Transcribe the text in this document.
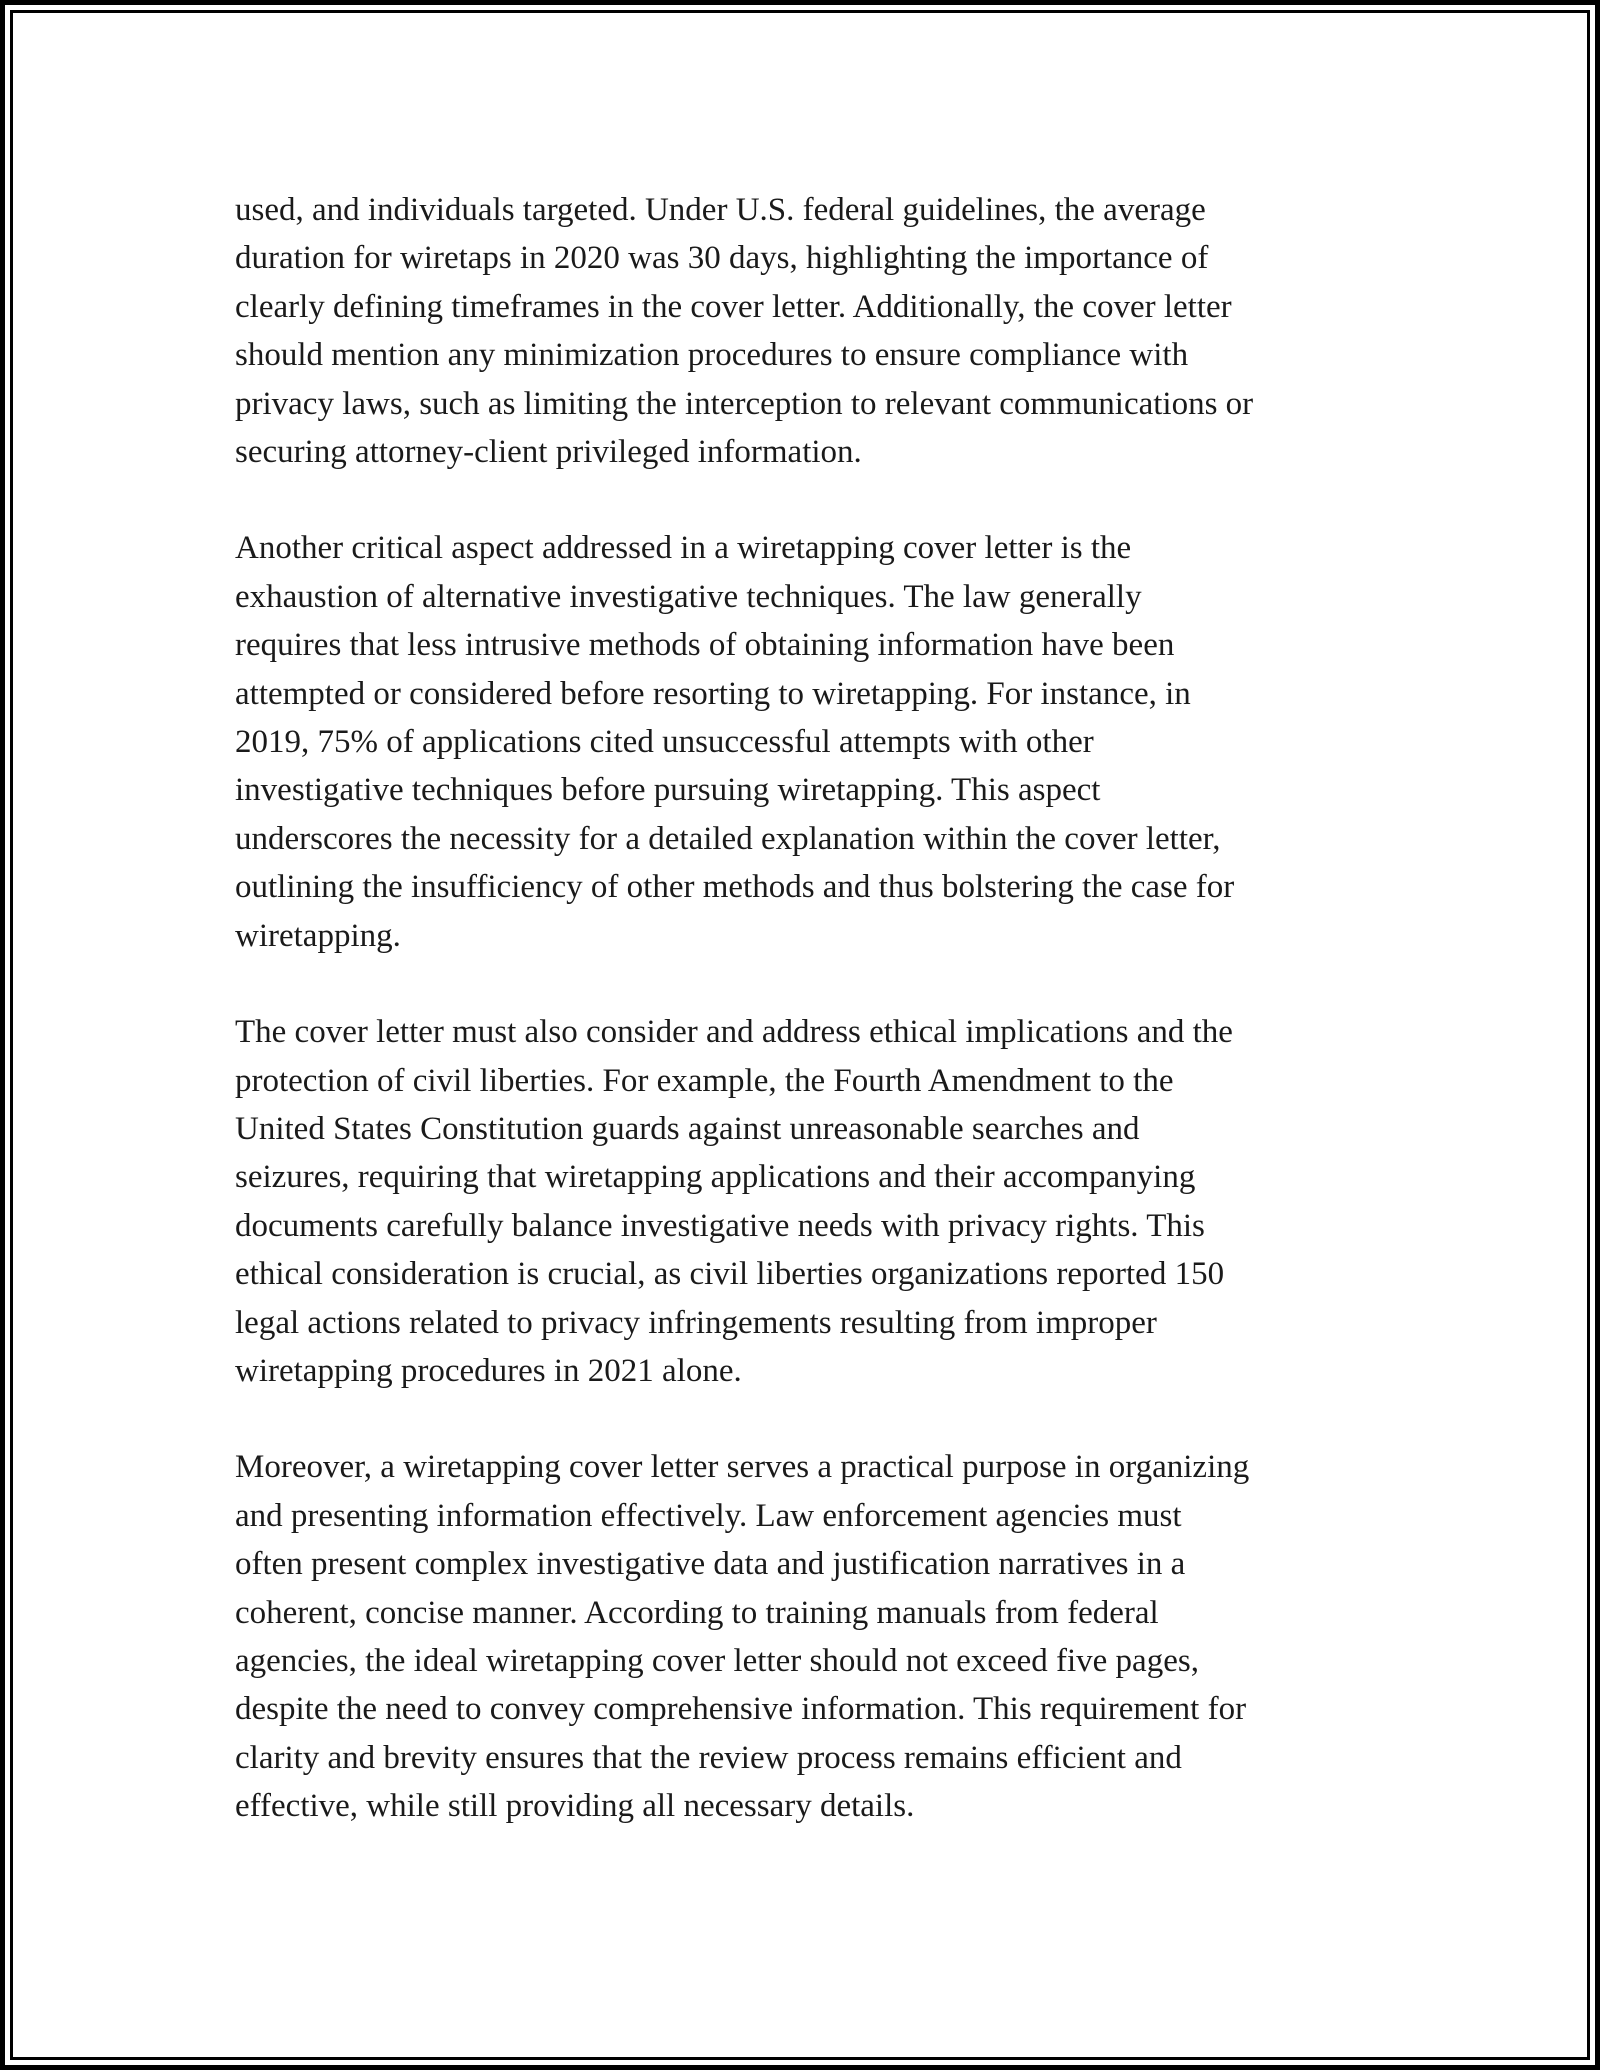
used, and individuals targeted. Under U.S. federal guidelines, the average
duration for wiretaps in 2020 was 30 days, highlighting the importance of
clearly defining timeframes in the cover letter. Additionally, the cover letter
should mention any minimization procedures to ensure compliance with
privacy laws, such as limiting the interception to relevant communications or
securing attorney-client privileged information.

Another critical aspect addressed in a wiretapping cover letter is the
exhaustion of alternative investigative techniques. The law generally
requires that less intrusive methods of obtaining information have been
attempted or considered before resorting to wiretapping. For instance, in
2019, 75% of applications cited unsuccessful attempts with other
investigative techniques before pursuing wiretapping. This aspect
underscores the necessity for a detailed explanation within the cover letter,
outlining the insufficiency of other methods and thus bolstering the case for
wiretapping.

The cover letter must also consider and address ethical implications and the
protection of civil liberties. For example, the Fourth Amendment to the
United States Constitution guards against unreasonable searches and
seizures, requiring that wiretapping applications and their accompanying
documents carefully balance investigative needs with privacy rights. This
ethical consideration is crucial, as civil liberties organizations reported 150
legal actions related to privacy infringements resulting from improper
wiretapping procedures in 2021 alone.

Moreover, a wiretapping cover letter serves a practical purpose in organizing
and presenting information effectively. Law enforcement agencies must
often present complex investigative data and justification narratives in a
coherent, concise manner. According to training manuals from federal
agencies, the ideal wiretapping cover letter should not exceed five pages,
despite the need to convey comprehensive information. This requirement for
clarity and brevity ensures that the review process remains efficient and
effective, while still providing all necessary details.
